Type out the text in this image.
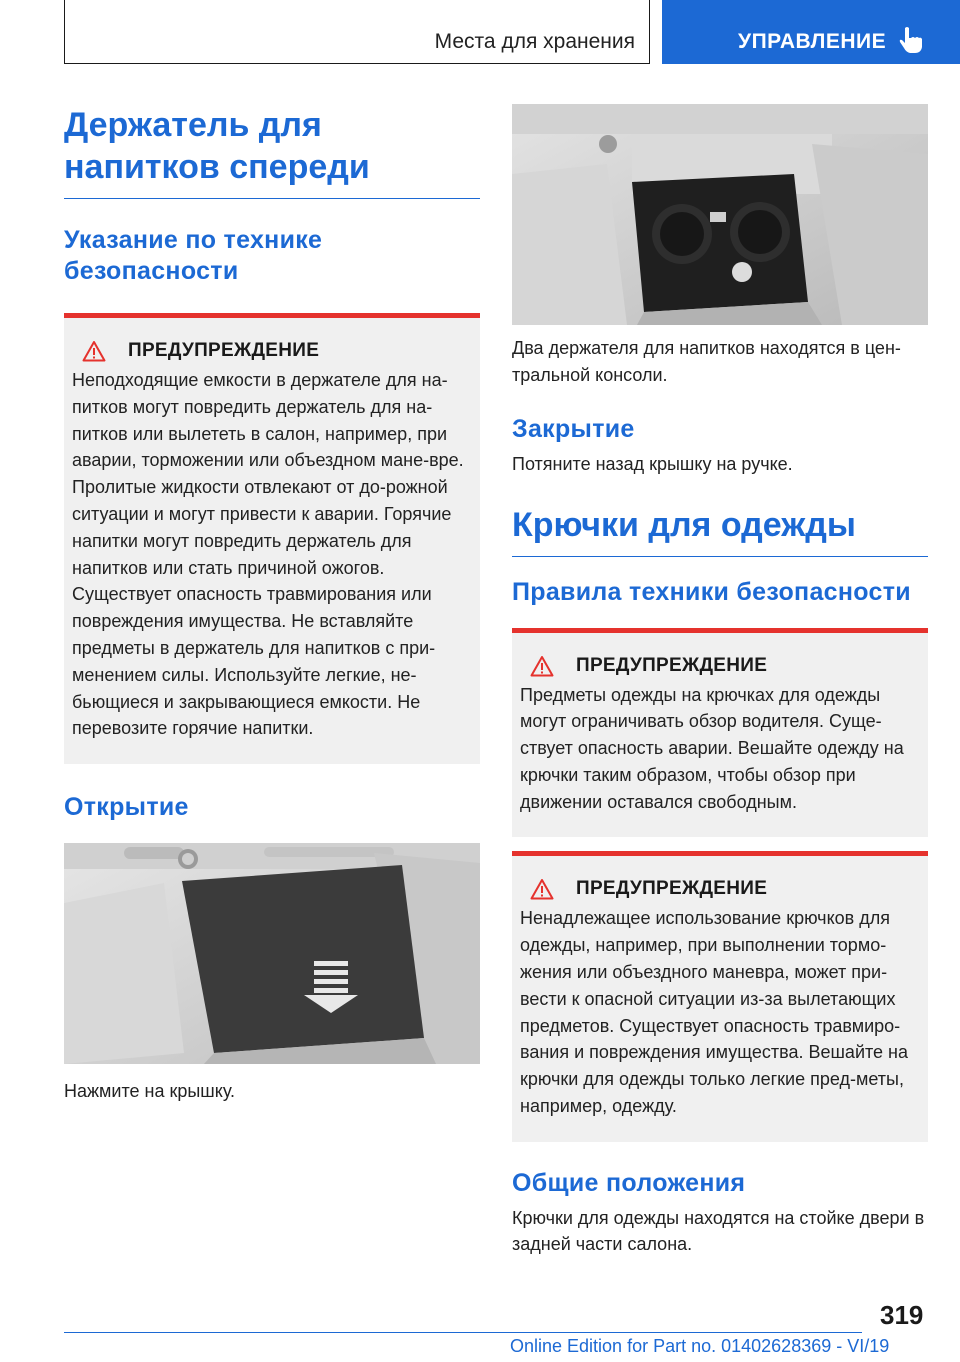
Места для хранения	УПРАВЛЕНИЕ
Держатель для напитков спереди
Указание по технике безопасности
ПРЕДУПРЕЖДЕНИЕ
Неподходящие емкости в держателе для на-питков могут повредить держатель для на-питков или вылететь в салон, например, при аварии, торможении или объездном мане-вре. Пролитые жидкости отвлекают от до-рожной ситуации и могут привести к аварии. Горячие напитки могут повредить держатель для напитков или стать причиной ожогов. Существует опасность травмирования или повреждения имущества. Не вставляйте предметы в держатель для напитков с при-менением силы. Используйте легкие, не-бьющиеся и закрывающиеся емкости. Не перевозите горячие напитки.
Открытие
Нажмите на крышку.
Два держателя для напитков находятся в цен-тральной консоли.
Закрытие
Потяните назад крышку на ручке.
Крючки для одежды
Правила техники безопасности
ПРЕДУПРЕЖДЕНИЕ
Предметы одежды на крючках для одежды могут ограничивать обзор водителя. Суще-ствует опасность аварии. Вешайте одежду на крючки таким образом, чтобы обзор при движении оставался свободным.
ПРЕДУПРЕЖДЕНИЕ
Ненадлежащее использование крючков для одежды, например, при выполнении тормо-жения или объездного маневра, может при-вести к опасной ситуации из-за вылетающих предметов. Существует опасность травмиро-вания и повреждения имущества. Вешайте на крючки для одежды только легкие пред-меты, например, одежду.
Общие положения
Крючки для одежды находятся на стойке двери в задней части салона.
319
Online Edition for Part no. 01402628369 - VI/19
